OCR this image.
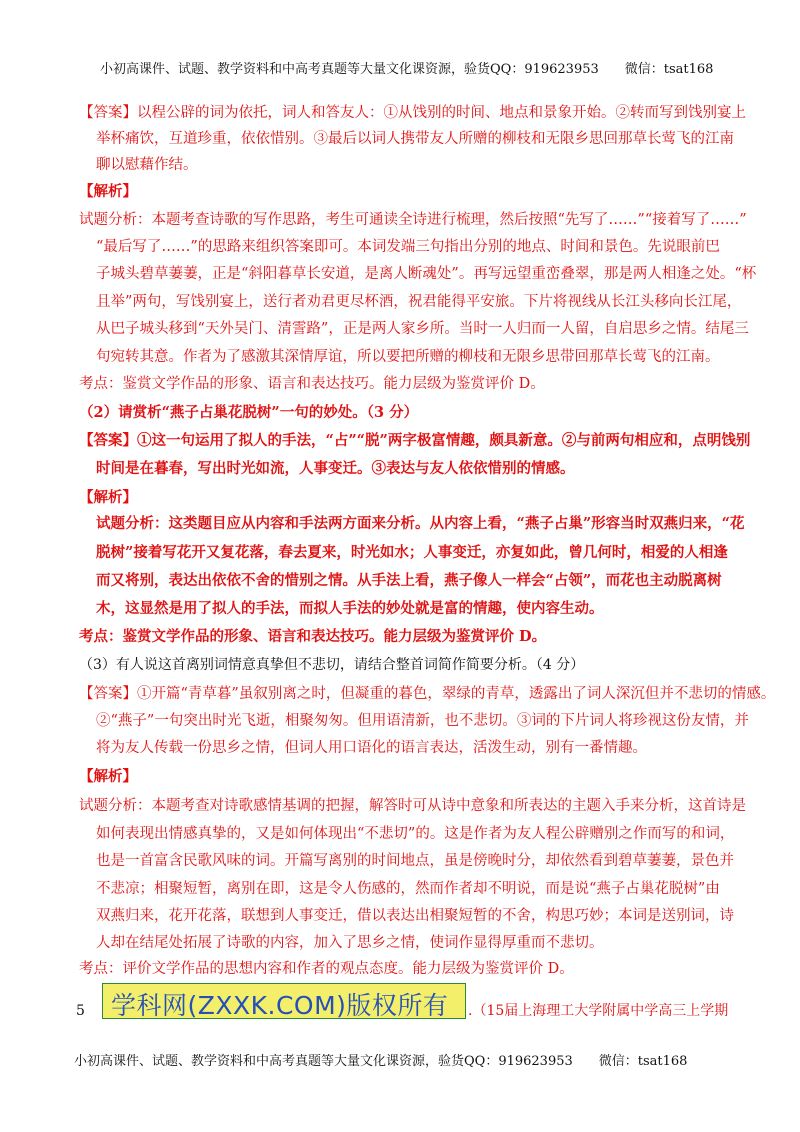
小初高课件、试题、教学资料和中高考真题等大量文化课资源，验货QQ：919623953　　微信：tsat168
【答案】以程公辟的词为依托，词人和答友人：①从饯别的时间、地点和景象开始。②转而写到饯别宴上
举杯痛饮，互道珍重，依依惜别。③最后以词人携带友人所赠的柳枝和无限乡思回那草长莺飞的江南
聊以慰藉作结。
【解析】
试题分析：本题考查诗歌的写作思路，考生可通读全诗进行梳理，然后按照“先写了……”“接着写了……”
“最后写了……”的思路来组织答案即可。本词发端三句指出分别的地点、时间和景色。先说眼前巴
子城头碧草萋萋，正是“斜阳暮草长安道，是离人断魂处”。再写远望重峦叠翠，那是两人相逢之处。“杯
且举”两句，写饯别宴上，送行者劝君更尽杯酒，祝君能得平安旅。下片将视线从长江头移向长江尾，
从巴子城头移到“天外吴门、清霅路”，正是两人家乡所。当时一人归而一人留，自启思乡之情。结尾三
句宛转其意。作者为了感激其深情厚谊，所以要把所赠的柳枝和无限乡思带回那草长莺飞的江南。
考点：鉴赏文学作品的形象、语言和表达技巧。能力层级为鉴赏评价 D。
（2）请赏析“燕子占巢花脱树”一句的妙处。（3 分）
【答案】①这一句运用了拟人的手法，“占”“脱”两字极富情趣，颇具新意。②与前两句相应和，点明饯别
时间是在暮春，写出时光如流，人事变迁。③表达与友人依依惜别的情感。
【解析】
试题分析：这类题目应从内容和手法两方面来分析。从内容上看，“燕子占巢”形容当时双燕归来，“花
脱树”接着写花开又复花落，春去夏来，时光如水；人事变迁，亦复如此，曾几何时，相爱的人相逢
而又将别，表达出依依不舍的惜别之情。从手法上看，燕子像人一样会“占领”，而花也主动脱离树
木，这显然是用了拟人的手法，而拟人手法的妙处就是富的情趣，使内容生动。
考点：鉴赏文学作品的形象、语言和表达技巧。能力层级为鉴赏评价 D。
（3）有人说这首离别词情意真挚但不悲切，请结合整首词简作简要分析。（4 分）
【答案】①开篇“青草暮”虽叙别离之时，但凝重的暮色，翠绿的青草，透露出了词人深沉但并不悲切的情感。
②“燕子”一句突出时光飞逝，相聚匆匆。但用语清新，也不悲切。③词的下片词人将珍视这份友情，并
将为友人传载一份思乡之情，但词人用口语化的语言表达，活泼生动，别有一番情趣。
【解析】
试题分析：本题考查对诗歌感情基调的把握，解答时可从诗中意象和所表达的主题入手来分析，这首诗是
如何表现出情感真挚的，又是如何体现出“不悲切”的。这是作者为友人程公辟赠别之作而写的和词，
也是一首富含民歌风味的词。开篇写离别的时间地点，虽是傍晚时分，却依然看到碧草萋萋，景色并
不悲凉；相聚短暂，离别在即，这是令人伤感的，然而作者却不明说，而是说“燕子占巢花脱树”由
双燕归来，花开花落，联想到人事变迁，借以表达出相聚短暂的不舍，构思巧妙；本词是送别词，诗
人却在结尾处拓展了诗歌的内容，加入了思乡之情，使词作显得厚重而不悲切。
考点：评价文学作品的思想内容和作者的观点态度。能力层级为鉴赏评价 D。
5 学科网(ZXXK.COM)版权所有 .（15届上海理工大学附属中学高三上学期
小初高课件、试题、教学资料和中高考真题等大量文化课资源，验货QQ：919623953　　微信：tsat168
